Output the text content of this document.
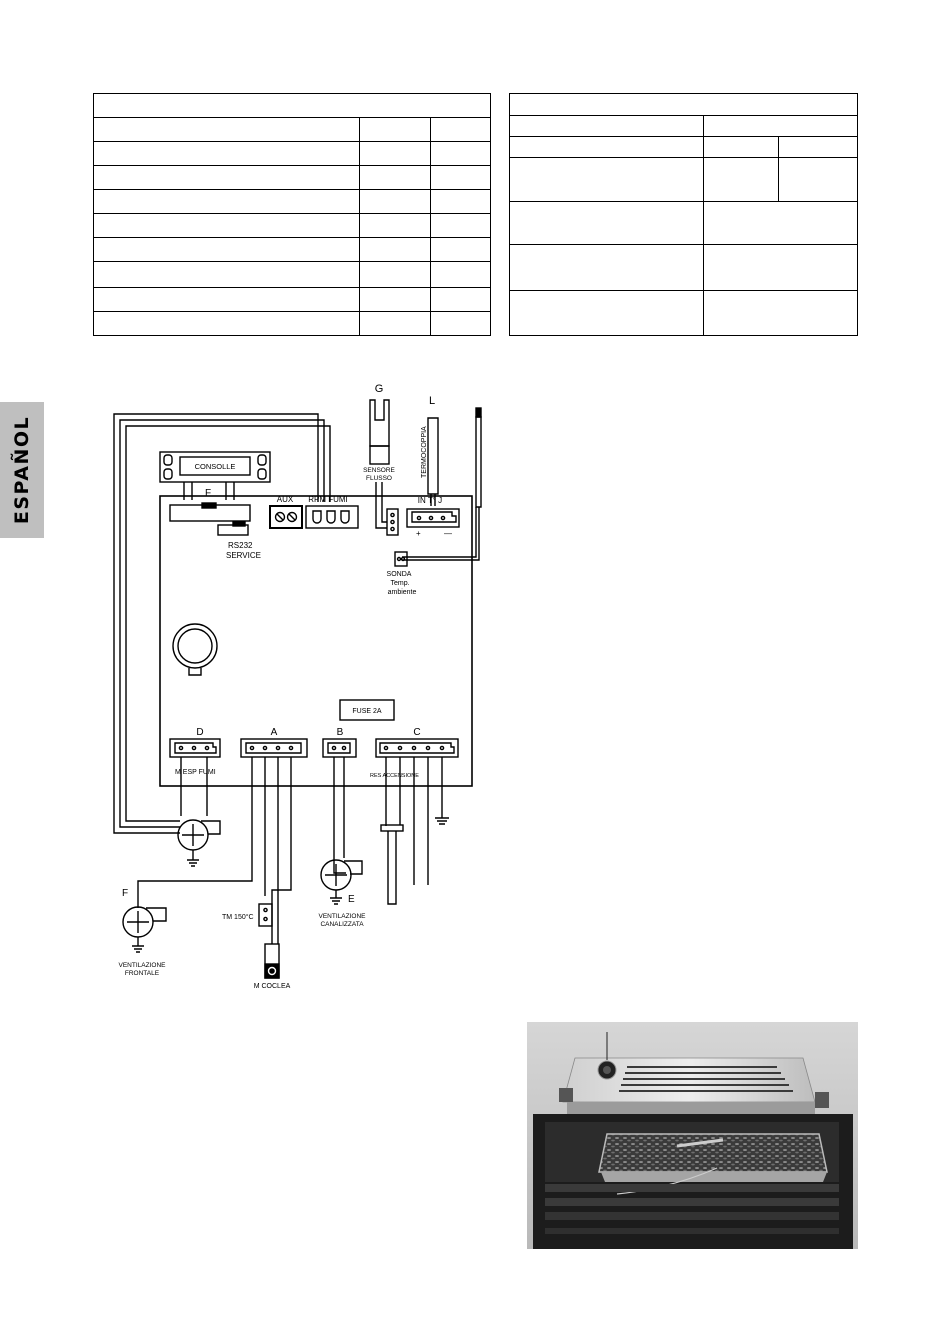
ESPAÑOL	CONSOLLE
F
RS232
SERVICE
AUX RPM FUMI
G
SENSORE
FLUSSO
L
TERMOCOPPIA
IN T° J
+	—
SONDA
Temp.
ambiente
FUSE 2A
D	A	B	C
M ESP FUMI	RES ACCENSIONE
F
VENTILAZIONE
FRONTALE
TM 150°C
M COCLEA
E
VENTILAZIONE
CANALIZZATA
